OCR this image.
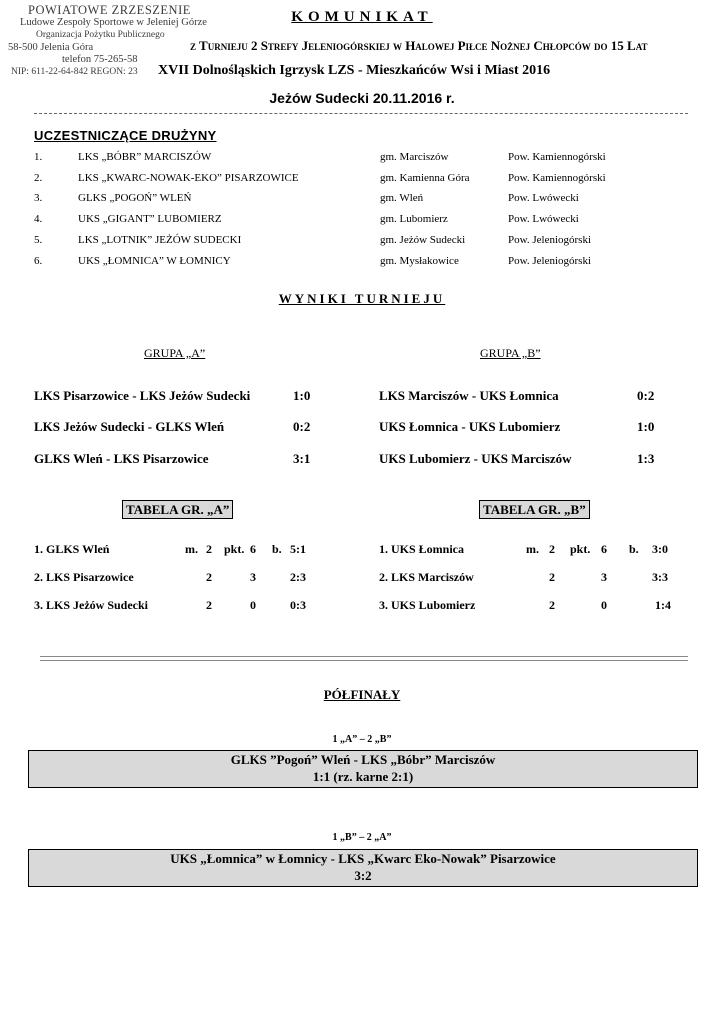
POWIATOWE ZRZESZENIE
Ludowe Zespoły Sportowe w Jeleniej Górze
Organizacja Pożytku Publicznego
58-500 Jelenia Góra
telefon 75-265-58
NIP: 611-22-64-842 REGON: 23
KOMUNIKAT
z Turnieju 2 Strefy Jeleniogórskiej w Halowej Piłce Nożnej Chłopców do 15 Lat
XVII Dolnośląskich Igrzysk LZS - Mieszkańców Wsi i Miast 2016
Jeżów Sudecki 20.11.2016 r.
UCZESTNICZĄCE DRUŻYNY
1.	LKS „BÓBR” MARCISZÓW	gm. Marciszów	Pow. Kamiennogórski
2.	LKS „KWARC-NOWAK-EKO” PISARZOWICE	gm. Kamienna Góra	Pow. Kamiennogórski
3.	GLKS „POGOŃ” WLEŃ	gm. Wleń	Pow. Lwówecki
4.	UKS „GIGANT” LUBOMIERZ	gm. Lubomierz	Pow. Lwówecki
5.	LKS „LOTNIK” JEŻÓW SUDECKI	gm. Jeżów Sudecki	Pow. Jeleniogórski
6.	UKS „ŁOMNICA” W ŁOMNICY	gm. Mysłakowice	Pow. Jeleniogórski
WYNIKI TURNIEJU
GRUPA „A”	GRUPA „B”
LKS Pisarzowice - LKS Jeżów Sudecki	1:0
LKS Jeżów Sudecki - GLKS Wleń	0:2
GLKS Wleń - LKS Pisarzowice	3:1
LKS Marciszów - UKS Łomnica	0:2
UKS Łomnica - UKS Lubomierz	1:0
UKS Lubomierz - UKS Marciszów	1:3
TABELA GR. „A”	TABELA GR. „B”
1. GLKS Wleń	m. 2 pkt. 6 b. 5:1
2. LKS Pisarzowice	2	3	2:3
3. LKS Jeżów Sudecki	2	0	0:3
1. UKS Łomnica	m. 2 pkt. 6 b. 3:0
2. LKS Marciszów	2	3	3:3
3. UKS Lubomierz	2	0	1:4
PÓŁFINAŁY
1 „A” – 2 „B”
GLKS ”Pogoń” Wleń - LKS „Bóbr” Marciszów
1:1 (rz. karne 2:1)
1 „B” – 2 „A”
UKS „Łomnica” w Łomnicy - LKS „Kwarc Eko-Nowak” Pisarzowice
3:2
